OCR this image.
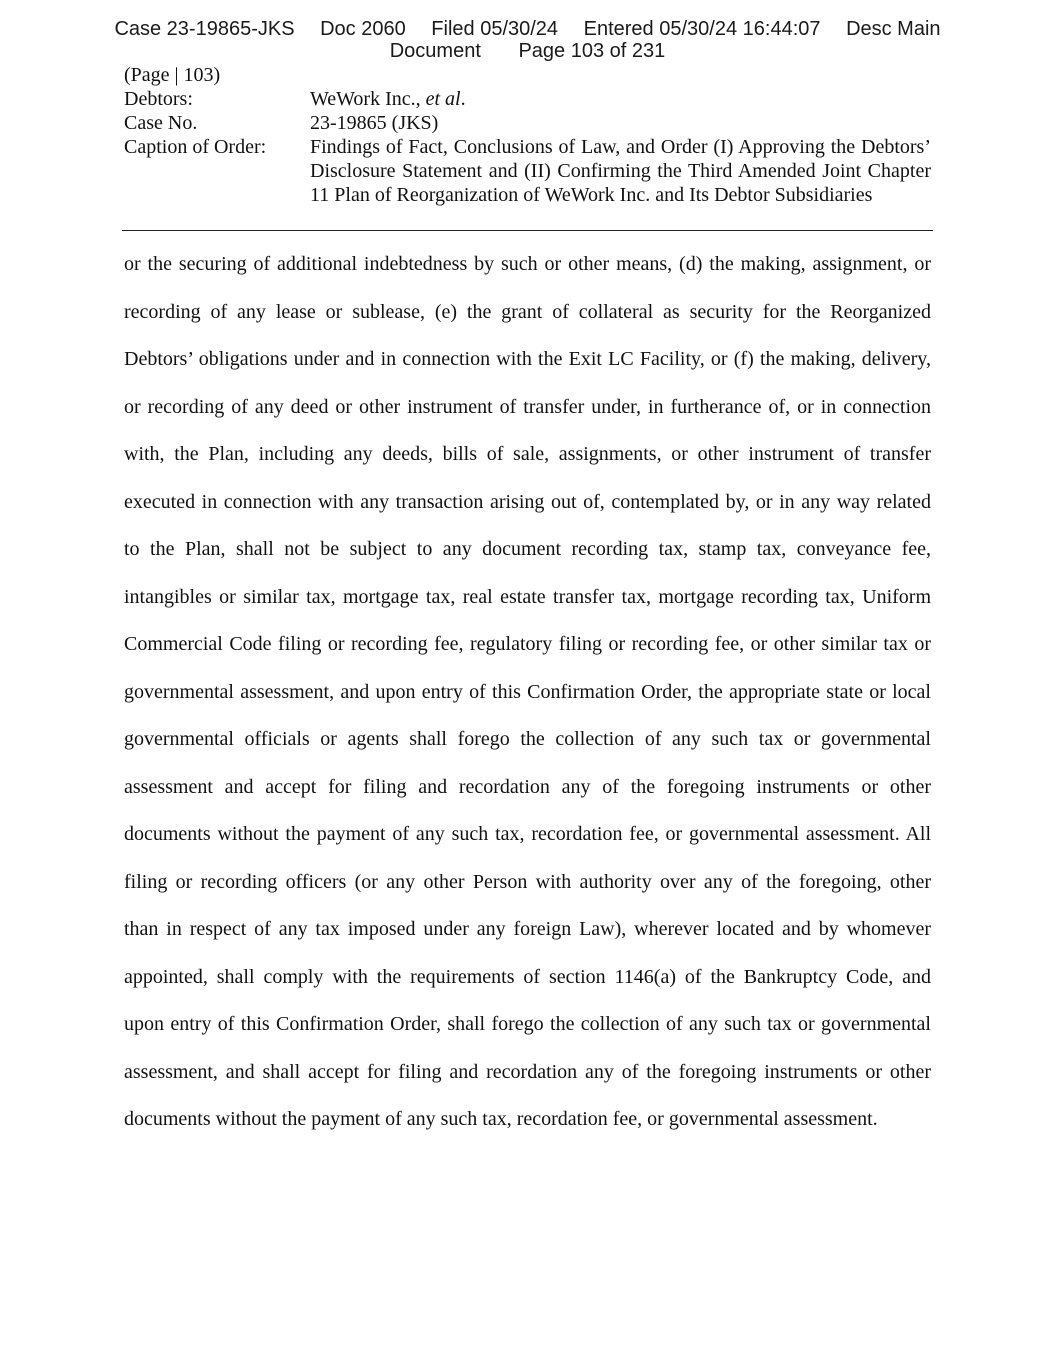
Case 23-19865-JKS Doc 2060 Filed 05/30/24 Entered 05/30/24 16:44:07 Desc Main
Document Page 103 of 231
(Page | 103)
Debtors:	WeWork Inc., et al.
Case No.	23-19865 (JKS)
Caption of Order:	Findings of Fact, Conclusions of Law, and Order (I) Approving the Debtors’ Disclosure Statement and (II) Confirming the Third Amended Joint Chapter 11 Plan of Reorganization of WeWork Inc. and Its Debtor Subsidiaries
or the securing of additional indebtedness by such or other means, (d) the making, assignment, or
recording of any lease or sublease, (e) the grant of collateral as security for the Reorganized
Debtors’ obligations under and in connection with the Exit LC Facility, or (f) the making, delivery,
or recording of any deed or other instrument of transfer under, in furtherance of, or in connection
with, the Plan, including any deeds, bills of sale, assignments, or other instrument of transfer
executed in connection with any transaction arising out of, contemplated by, or in any way related
to the Plan, shall not be subject to any document recording tax, stamp tax, conveyance fee,
intangibles or similar tax, mortgage tax, real estate transfer tax, mortgage recording tax, Uniform
Commercial Code filing or recording fee, regulatory filing or recording fee, or other similar tax or
governmental assessment, and upon entry of this Confirmation Order, the appropriate state or local
governmental officials or agents shall forego the collection of any such tax or governmental
assessment and accept for filing and recordation any of the foregoing instruments or other
documents without the payment of any such tax, recordation fee, or governmental assessment. All
filing or recording officers (or any other Person with authority over any of the foregoing, other
than in respect of any tax imposed under any foreign Law), wherever located and by whomever
appointed, shall comply with the requirements of section 1146(a) of the Bankruptcy Code, and
upon entry of this Confirmation Order, shall forego the collection of any such tax or governmental
assessment, and shall accept for filing and recordation any of the foregoing instruments or other
documents without the payment of any such tax, recordation fee, or governmental assessment.
